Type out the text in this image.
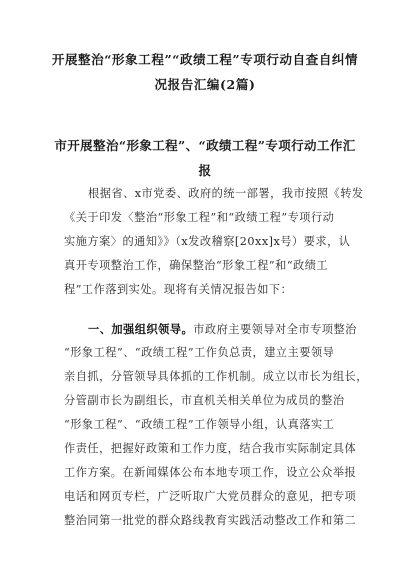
开展整治“形象工程”“政绩工程”专项行动自查自纠情

况报告汇编(2篇)

市开展整治“形象工程”、“政绩工程”专项行动工作汇

报

根据省、x市党委、政府的统一部署，我市按照《转发

《关于印发〈整治“形象工程”和“政绩工程”专项行动

实施方案〉的通知》》（x发改稽察[20xx]x号）要求，认

真开专项整治工作，确保整治“形象工程”和“政绩工

程”工作落到实处。现将有关情况报告如下：

一、加强组织领导。市政府主要领导对全市专项整治

“形象工程”、“政绩工程”工作负总责，建立主要领导

亲自抓，分管领导具体抓的工作机制。成立以市长为组长，

分管副市长为副组长，市直机关相关单位为成员的整治

“形象工程”、“政绩工程”工作领导小组，认真落实工

作责任，把握好政策和工作力度，结合我市实际制定具体

工作方案。在新闻媒体公布本地专项工作，设立公众举报

电话和网页专栏，广泛听取广大党员群众的意见，把专项

整治同第一批党的群众路线教育实践活动整改工作和第二
